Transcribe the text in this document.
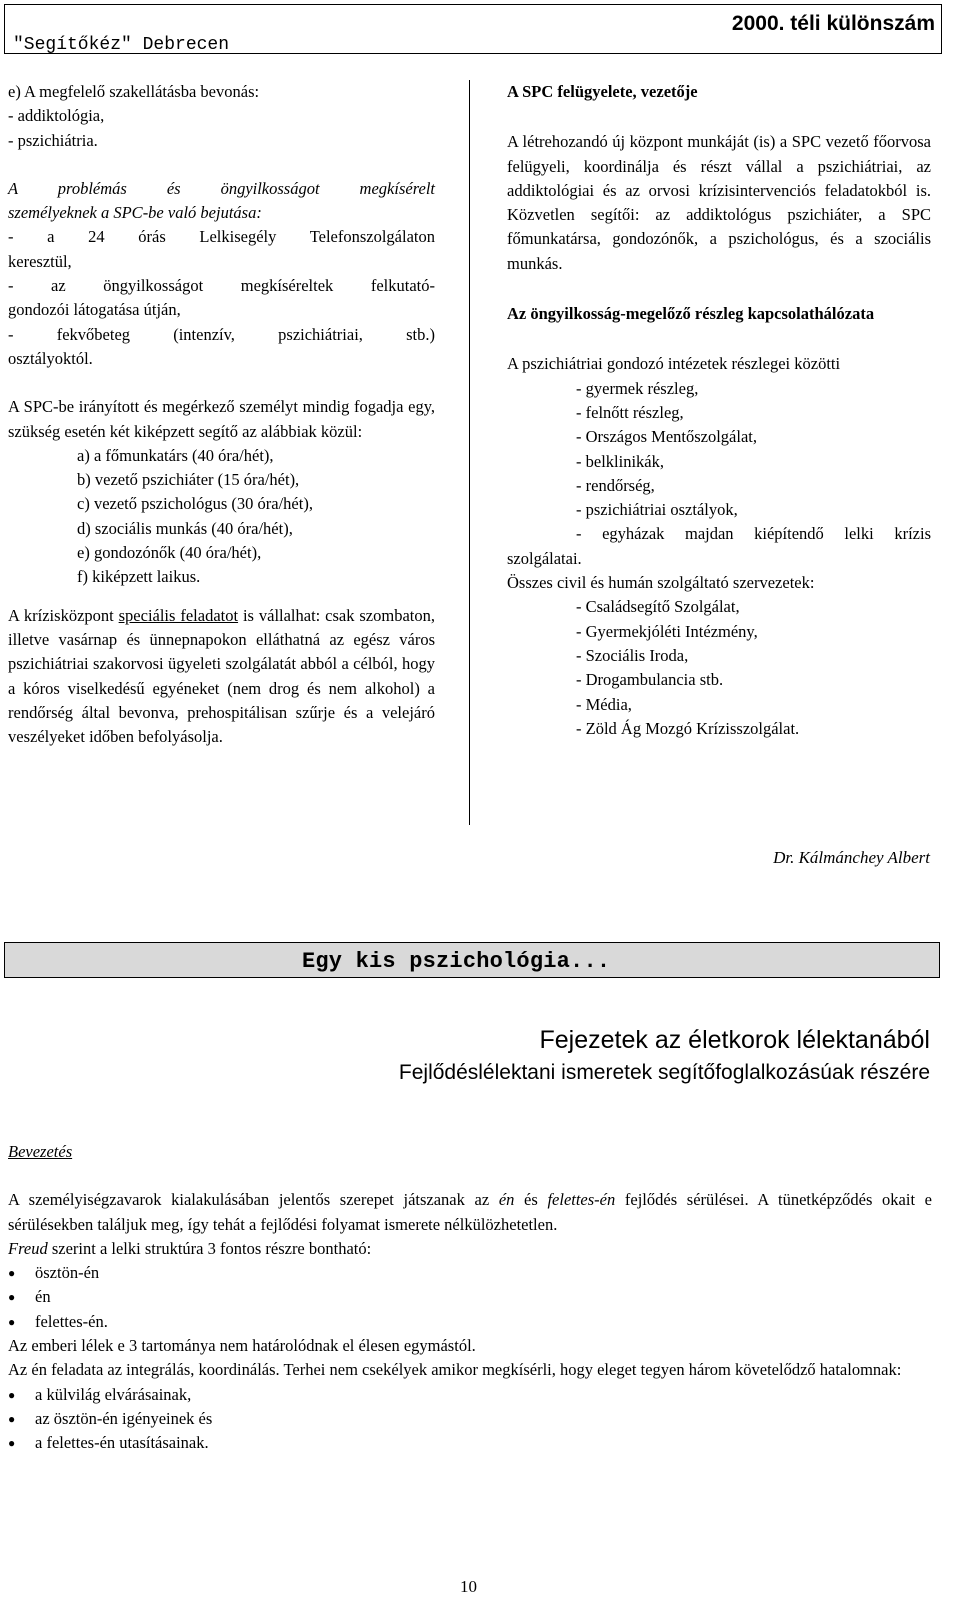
"Segítőkéz" Debrecen
2000. téli különszám

e) A megfelelő szakellátásba bevonás:

- addiktológia,

- pszichiátria.

A problémás és öngyilkosságot megkísérelt

személyeknek a SPC-be való bejutása:

- a 24 órás Lelkisegély Telefonszolgálaton

keresztül,

- az öngyilkosságot megkíséreltek felkutató-

gondozói látogatása útján,

- fekvőbeteg (intenzív, pszichiátriai, stb.)

osztályoktól.

A SPC-be irányított és megérkező személyt mindig fogadja egy, szükség esetén két kiképzett segítő az alábbiak közül:

a) a főmunkatárs (40 óra/hét),

b) vezető pszichiáter (15 óra/hét),

c) vezető pszichológus (30 óra/hét),

d) szociális munkás (40 óra/hét),

e) gondozónők (40 óra/hét),

f) kiképzett laikus.

A krízisközpont speciális feladatot is vállalhat: csak szombaton, illetve vasárnap és ünnepnapokon elláthatná az egész város pszichiátriai szakorvosi ügyeleti szolgálatát abból a célból, hogy a kóros viselkedésű egyéneket (nem drog és nem alkohol) a rendőrség által bevonva, prehospitálisan szűrje és a velejáró veszélyeket időben befolyásolja.

A SPC felügyelete, vezetője

A létrehozandó új központ munkáját (is) a SPC vezető főorvosa felügyeli, koordinálja és részt vállal a pszichiátriai, az addiktológiai és az orvosi krízisintervenciós feladatokból is. Közvetlen segítői: az addiktológus pszichiáter, a SPC főmunkatársa, gondozónők, a pszichológus, és a szociális munkás.

Az öngyilkosság-megelőző részleg kapcsolathálózata

A pszichiátriai gondozó intézetek részlegei közötti

- gyermek részleg,

- felnőtt részleg,

- Országos Mentőszolgálat,

- belklinikák,

- rendőrség,

- pszichiátriai osztályok,

- egyházak majdan kiépítendő lelki krízis

szolgálatai.

Összes civil és humán szolgáltató szervezetek:

- Családsegítő Szolgálat,

- Gyermekjóléti Intézmény,

- Szociális Iroda,

- Drogambulancia stb.

- Média,

- Zöld Ág Mozgó Krízisszolgálat.

Dr. Kálmánchey Albert
Egy kis pszichológia...
Fejezetek az életkorok lélektanából
Fejlődéslélektani ismeretek segítőfoglalkozásúak részére

Bevezetés

A személyiségzavarok kialakulásában jelentős szerepet játszanak az én és felettes-én fejlődés sérülései. A tünetképződés okait e sérülésekben találjuk meg, így tehát a fejlődési folyamat ismerete nélkülözhetetlen.

Freud szerint a lelki struktúra 3 fontos részre bontható:

● ösztön-én
● én
● felettes-én.

Az emberi lélek e 3 tartománya nem határolódnak el élesen egymástól.

Az én feladata az integrálás, koordinálás. Terhei nem csekélyek amikor megkísérli, hogy eleget tegyen három követelődző hatalomnak:

● a külvilág elvárásainak,
● az ösztön-én igényeinek és
● a felettes-én utasításainak.
10
